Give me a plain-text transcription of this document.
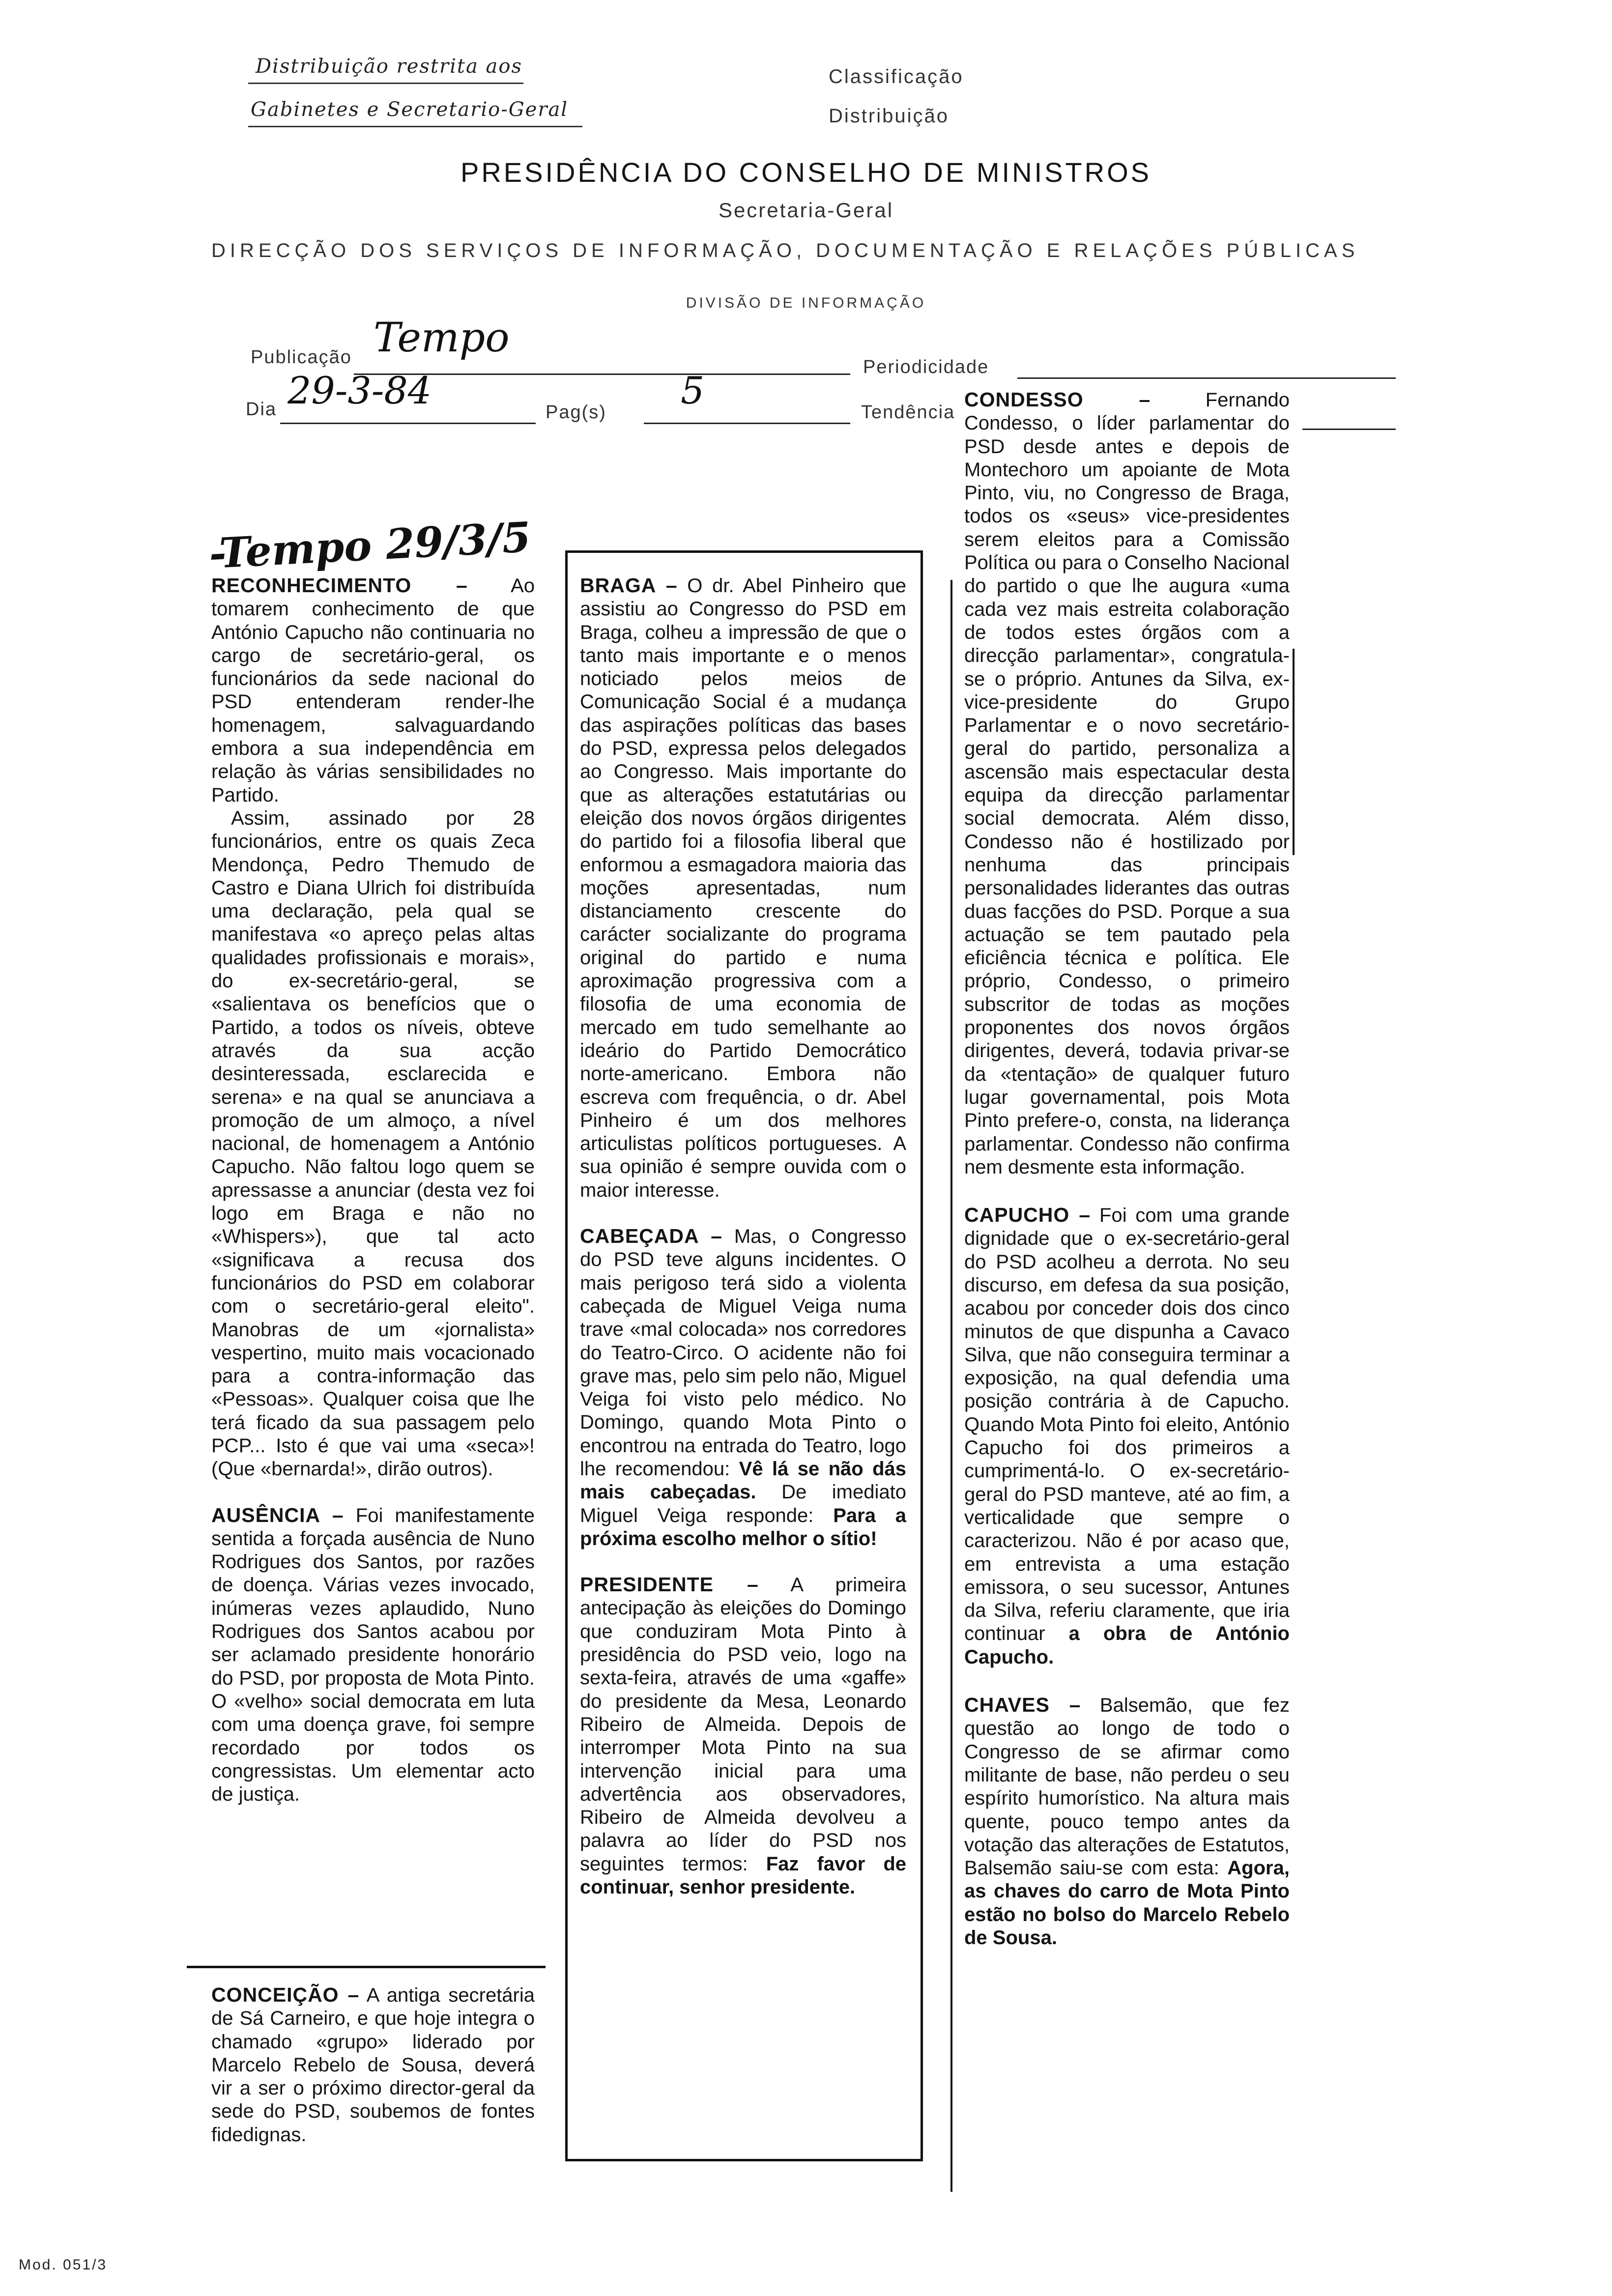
Distribuição restrita aos
Gabinetes e Secretario-Geral
Classificação
Distribuição
PRESIDÊNCIA DO CONSELHO DE MINISTROS
Secretaria-Geral
DIRECÇÃO DOS SERVIÇOS DE INFORMAÇÃO, DOCUMENTAÇÃO E RELAÇÕES PÚBLICAS
DIVISÃO DE INFORMAÇÃO
Publicação Tempo
Periodicidade
Dia 29-3-84	Pag(s) 5	Tendência
-Tempo 29/3/5

RECONHECIMENTO – Ao tomarem conhecimento de que António Capucho não continuaria no cargo de secretário-geral, os funcionários da sede nacional do PSD entenderam render-lhe homenagem, salvaguardando embora a sua independência em relação às várias sensibilidades no Partido.

Assim, assinado por 28 funcionários, entre os quais Zeca Mendonça, Pedro Themudo de Castro e Diana Ulrich foi distribuída uma declaração, pela qual se manifestava «o apreço pelas altas qualidades profissionais e morais», do ex-secretário-geral, se «salientava os benefícios que o Partido, a todos os níveis, obteve através da sua acção desinteressada, esclarecida e serena» e na qual se anunciava a promoção de um almoço, a nível nacional, de homenagem a António Capucho. Não faltou logo quem se apressasse a anunciar (desta vez foi logo em Braga e não no «Whispers»), que tal acto «significava a recusa dos funcionários do PSD em colaborar com o secretário-geral eleito". Manobras de um «jornalista» vespertino, muito mais vocacionado para a contra-informação das «Pessoas». Qualquer coisa que lhe terá ficado da sua passagem pelo PCP... Isto é que vai uma «seca»! (Que «bernarda!», dirão outros).

AUSÊNCIA – Foi manifestamente sentida a forçada ausência de Nuno Rodrigues dos Santos, por razões de doença. Várias vezes invocado, inúmeras vezes aplaudido, Nuno Rodrigues dos Santos acabou por ser aclamado presidente honorário do PSD, por proposta de Mota Pinto. O «velho» social democrata em luta com uma doença grave, foi sempre recordado por todos os congressistas. Um elementar acto de justiça.

CONCEIÇÃO – A antiga secretária de Sá Carneiro, e que hoje integra o chamado «grupo» liderado por Marcelo Rebelo de Sousa, deverá vir a ser o próximo director-geral da sede do PSD, soubemos de fontes fidedignas.

BRAGA – O dr. Abel Pinheiro que assistiu ao Congresso do PSD em Braga, colheu a impressão de que o tanto mais importante e o menos noticiado pelos meios de Comunicação Social é a mudança das aspirações políticas das bases do PSD, expressa pelos delegados ao Congresso. Mais importante do que as alterações estatutárias ou eleição dos novos órgãos dirigentes do partido foi a filosofia liberal que enformou a esmagadora maioria das moções apresentadas, num distanciamento crescente do carácter socializante do programa original do partido e numa aproximação progressiva com a filosofia de uma economia de mercado em tudo semelhante ao ideário do Partido Democrático norte-americano. Embora não escreva com frequência, o dr. Abel Pinheiro é um dos melhores articulistas políticos portugueses. A sua opinião é sempre ouvida com o maior interesse.

CABEÇADA – Mas, o Congresso do PSD teve alguns incidentes. O mais perigoso terá sido a violenta cabeçada de Miguel Veiga numa trave «mal colocada» nos corredores do Teatro-Circo. O acidente não foi grave mas, pelo sim pelo não, Miguel Veiga foi visto pelo médico. No Domingo, quando Mota Pinto o encontrou na entrada do Teatro, logo lhe recomendou: Vê lá se não dás mais cabeçadas. De imediato Miguel Veiga responde: Para a próxima escolho melhor o sítio!

PRESIDENTE – A primeira antecipação às eleições do Domingo que conduziram Mota Pinto à presidência do PSD veio, logo na sexta-feira, através de uma «gaffe» do presidente da Mesa, Leonardo Ribeiro de Almeida. Depois de interromper Mota Pinto na sua intervenção inicial para uma advertência aos observadores, Ribeiro de Almeida devolveu a palavra ao líder do PSD nos seguintes termos: Faz favor de continuar, senhor presidente.

CONDESSO –	Fernando Condesso, o líder parlamentar do PSD desde antes e depois de Montechoro um apoiante de Mota Pinto, viu, no Congresso de Braga, todos os «seus» vice-presidentes serem eleitos para a Comissão Política ou para o Conselho Nacional do partido o que lhe augura «uma cada vez mais estreita colaboração de todos estes órgãos com a direcção parlamentar», congratula-se o próprio. Antunes da Silva, ex-vice-presidente do Grupo Parlamentar e o novo secretário-geral do partido, personaliza a ascensão mais espectacular desta equipa da direcção parlamentar social democrata. Além disso, Condesso não é hostilizado por nenhuma das principais personalidades liderantes das outras duas facções do PSD. Porque a sua actuação se tem pautado pela eficiência técnica e política. Ele próprio, Condesso, o primeiro subscritor de todas as moções proponentes dos novos órgãos dirigentes, deverá, todavia privar-se da «tentação» de qualquer futuro lugar governamental, pois Mota Pinto prefere-o, consta, na liderança parlamentar. Condesso não confirma nem desmente esta informação.

CAPUCHO – Foi com uma grande dignidade que o ex-secretário-geral do PSD acolheu a derrota. No seu discurso, em defesa da sua posição, acabou por conceder dois dos cinco minutos de que dispunha a Cavaco Silva, que não conseguira terminar a exposição, na qual defendia uma posição contrária à de Capucho. Quando Mota Pinto foi eleito, António Capucho foi dos primeiros a cumprimentá-lo. O ex-secretário-geral do PSD manteve, até ao fim, a verticalidade que sempre o caracterizou. Não é por acaso que, em entrevista a uma estação emissora, o seu sucessor, Antunes da Silva, referiu claramente, que iria continuar a obra de António Capucho.

CHAVES – Balsemão, que fez questão ao longo de todo o Congresso de se afirmar como militante de base, não perdeu o seu espírito humorístico. Na altura mais quente, pouco tempo antes da votação das alterações de Estatutos, Balsemão saiu-se com esta: Agora, as chaves do carro de Mota Pinto estão no bolso do Marcelo Rebelo de Sousa.

Mod. 051/3
